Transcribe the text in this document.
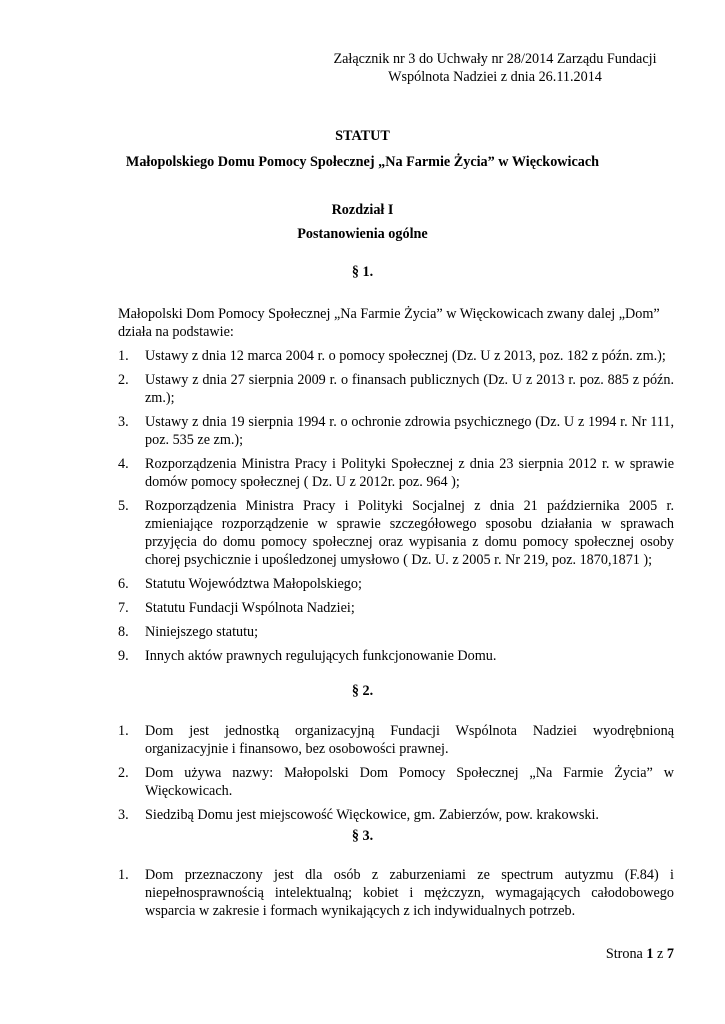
Załącznik nr 3 do Uchwały nr 28/2014 Zarządu Fundacji
Wspólnota Nadziei z dnia 26.11.2014
STATUT
Małopolskiego Domu Pomocy Społecznej „Na Farmie Życia” w Więckowicach
Rozdział I
Postanowienia ogólne
§ 1.
Małopolski Dom Pomocy Społecznej „Na Farmie Życia” w Więckowicach zwany dalej „Dom” działa na podstawie:
1. Ustawy z dnia 12 marca 2004 r. o pomocy społecznej (Dz. U z 2013, poz. 182 z późn. zm.);
2. Ustawy z dnia 27 sierpnia 2009 r. o finansach publicznych (Dz. U z 2013 r. poz. 885 z późn. zm.);
3. Ustawy z dnia 19 sierpnia 1994 r. o ochronie zdrowia psychicznego (Dz. U z 1994 r. Nr 111, poz. 535 ze zm.);
4. Rozporządzenia Ministra Pracy i Polityki Społecznej z dnia 23 sierpnia 2012 r. w sprawie domów pomocy społecznej ( Dz. U z 2012r. poz. 964 );
5. Rozporządzenia Ministra Pracy i Polityki Socjalnej z dnia 21 października 2005 r. zmieniające rozporządzenie w sprawie szczegółowego sposobu działania w sprawach przyjęcia do domu pomocy społecznej oraz wypisania z domu pomocy społecznej osoby chorej psychicznie i upośledzonej umysłowo ( Dz. U. z 2005 r. Nr 219, poz. 1870,1871 );
6. Statutu Województwa Małopolskiego;
7. Statutu Fundacji Wspólnota Nadziei;
8. Niniejszego statutu;
9. Innych aktów prawnych regulujących funkcjonowanie Domu.
§ 2.
1. Dom jest jednostką organizacyjną Fundacji Wspólnota Nadziei wyodrębnioną organizacyjnie i finansowo, bez osobowości prawnej.
2. Dom używa nazwy: Małopolski Dom Pomocy Społecznej „Na Farmie Życia” w Więckowicach.
3. Siedzibą Domu jest miejscowość Więckowice, gm. Zabierzów, pow. krakowski.
§ 3.
1. Dom przeznaczony jest dla osób z zaburzeniami ze spectrum autyzmu (F.84) i niepełnosprawnością intelektualną; kobiet i mężczyzn, wymagających całodobowego wsparcia w zakresie i formach wynikających z ich indywidualnych potrzeb.
Strona 1 z 7
